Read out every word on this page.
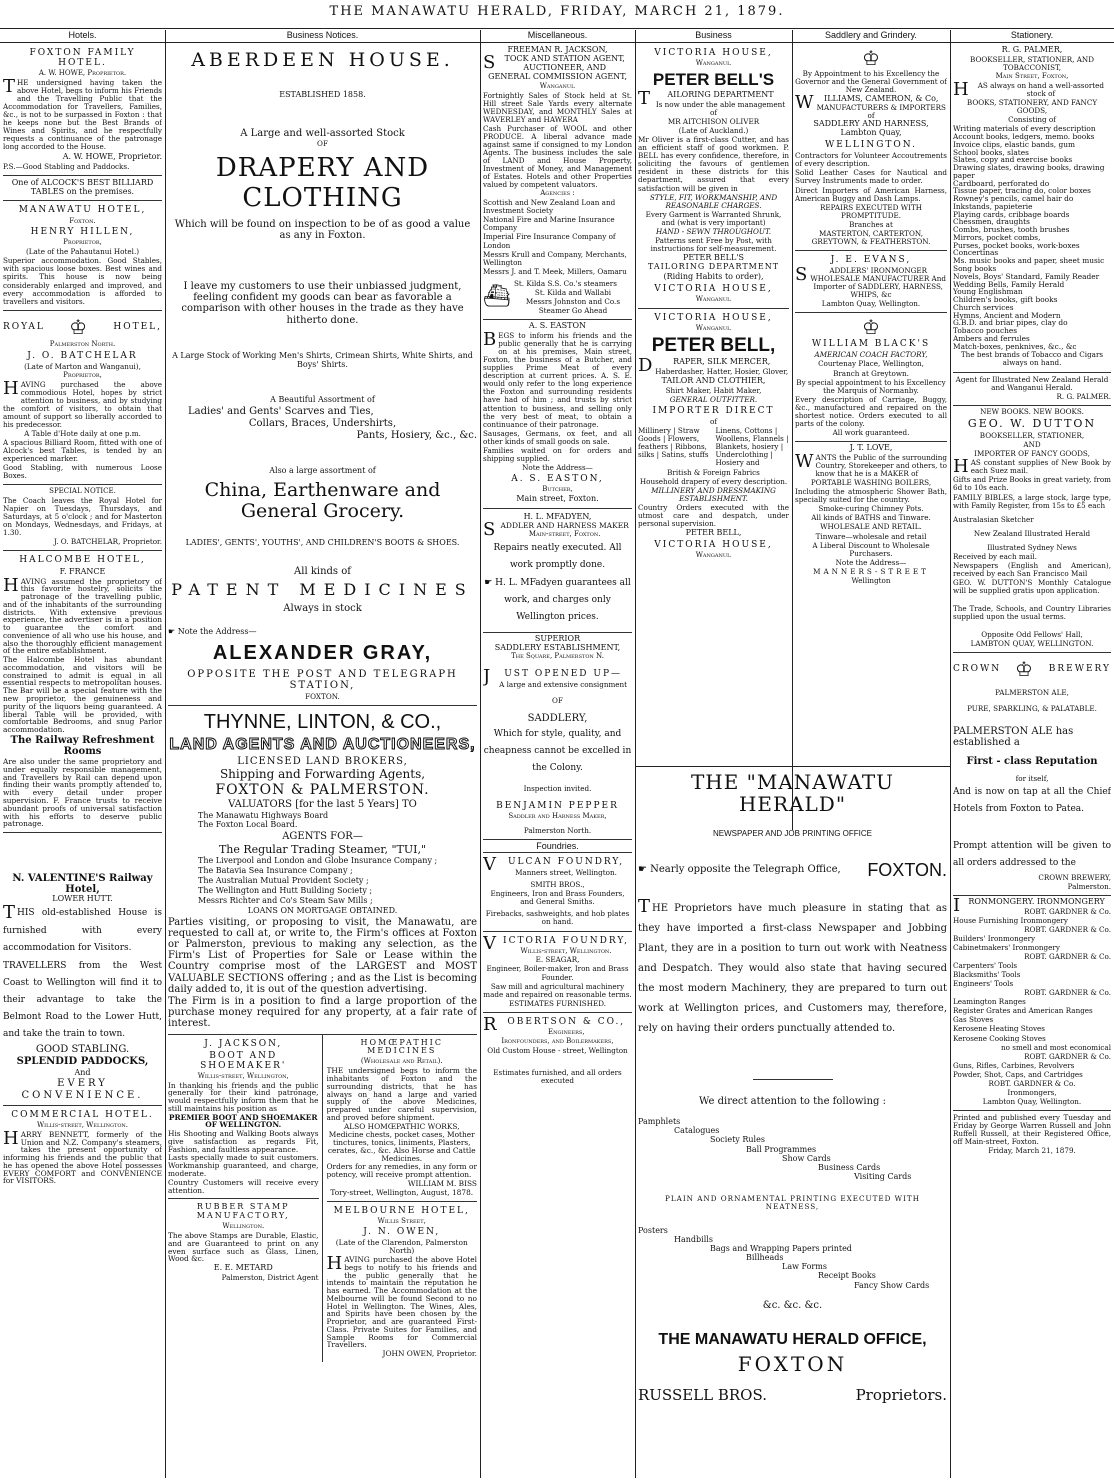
THE MANAWATU HERALD, FRIDAY, MARCH 21, 1879.
Hotels.	Business Notices.	Miscellaneous.	Business	Saddlery and Grindery.	Stationery.
FOXTON FAMILY HOTEL.
A. W. HOWE, Proprietor.

THE undersigned having taken the above Hotel, begs to inform his Friends and the Travelling Public that the Accommodation for Travellers, Families, &c., is not to be surpassed in Foxton : that he keeps none but the Best Brands of Wines and Spirits, and he respectfully requests a continuance of the patronage long accorded to the House.

A. W. HOWE, Proprietor.

P.S.—Good Stabling and Paddocks.

One of ALCOCK'S BEST BILLIARD TABLES on the premises.

MANAWATU HOTEL,
Foxton.
HENRY HILLEN,
Proprietor,

(Late of the Pahautanui Hotel.)

Superior accommodation. Good Stables, with spacious loose boxes. Best wines and spirits. This house is now being considerably enlarged and improved, and every accommodation is afforded to travellers and visitors.

ROYAL ♔	HOTEL,
Palmerston North.
J. O. BATCHELAR

(Late of Marton and Wanganui),

Proprietor,

HAVING purchased the above commodious Hotel, hopes by strict attention to business, and by studying the comfort of visitors, to obtain that amount of support so liberally accorded to his predecessor.

A Table d'Hote daily at one p.m.

A spacious Billiard Room, fitted with one of Alcock's best Tables, is tended by an experienced marker.

Good Stabling, with numerous Loose Boxes.

SPECIAL NOTICE.

The Coach leaves the Royal Hotel for Napier on Tuesdays, Thursdays, and Saturdays, at 5 o'clock ; and for Masterton on Mondays, Wednesdays, and Fridays, at 1.30.

J. O. BATCHELAR, Proprietor.

HALCOMBE HOTEL,
F. FRANCE

HAVING assumed the proprietory of this favorite hostelry, solicits the patronage of the travelling public, and of the inhabitants of the surrounding districts. With extensive previous experience, the advertiser is in a position to guarantee the comfort and convenience of all who use his house, and also the thoroughly efficient management of the entire establishment.

The Halcombe Hotel has abundant accommodation, and visitors will be constrained to admit is equal in all essential respects to metropolitan houses. The Bar will be a special feature with the new proprietor, the genuineness and purity of the liquors being guaranteed. A liberal Table will be provided, with comfortable Bedrooms, and snug Parlor accommodation.

The Railway Refreshment Rooms

Are also under the same proprietory and under equally responsible management, and Travellers by Rail can depend upon finding their wants promptly attended to, with every detail under proper supervision. F. France trusts to receive abundant proofs of universal satisfaction with his efforts to deserve public patronage.

N. VALENTINE'S Railway Hotel,
LOWER HUTT.

THIS old-established House is furnished with every accommodation for Visitors.

TRAVELLERS from the West Coast to Wellington will find it to their advantage to take the Belmont Road to the Lower Hutt, and take the train to town.

GOOD STABLING.

SPLENDID PADDOCKS,

And

EVERY CONVENIENCE.

COMMERCIAL HOTEL.
Willis-street, Wellington.

HARRY BENNETT, formerly of the Union and N.Z. Company's steamers, takes the present opportunity of informing his friends and the public that he has opened the above Hotel possesses EVERY COMFORT and CONVENIENCE for VISITORS.

ABERDEEN HOUSE.

ESTABLISHED 1858.

A Large and well-assorted Stock

OF

DRAPERY AND CLOTHING

Which will be found on inspection to be of as good a value as any in Foxton.

I leave my customers to use their unbiassed judgment, feeling confident my goods can bear as favorable a comparison with other houses in the trade as they have hitherto done.

A Large Stock of Working Men's Shirts, Crimean Shirts, White Shirts, and Boys' Shirts.

A Beautiful Assortment of

Ladies' and Gents' Scarves and Ties,

Collars, Braces, Undershirts,

Pants, Hosiery, &c., &c.

Also a large assortment of

China, Earthenware and General Grocery.

LADIES', GENTS', YOUTHS', AND CHILDREN'S BOOTS & SHOES.

All kinds of

PATENT MEDICINES

Always in stock

☛ Note the Address—

ALEXANDER GRAY,

OPPOSITE THE POST AND TELEGRAPH STATION,

FOXTON.

THYNNE, LINTON, & CO.,
LAND AGENTS AND AUCTIONEERS,

LICENSED LAND BROKERS,

Shipping and Forwarding Agents,

FOXTON & PALMERSTON.

VALUATORS [for the last 5 Years] TO

The Manawatu Highways Board

The Foxton Local Board.

AGENTS FOR—

The Regular Trading Steamer, "TUI,"

The Liverpool and London and Globe Insurance Company ;

The Batavia Sea Insurance Company ;

The Australian Mutual Provident Society ;

The Wellington and Hutt Building Society ;

Messrs Richter and Co's Steam Saw Mills ;

LOANS ON MORTGAGE OBTAINED.

Parties visiting, or proposing to visit, the Manawatu, are requested to call at, or write to, the Firm's offices at Foxton or Palmerston, previous to making any selection, as the Firm's List of Properties for Sale or Lease within the Country comprise most of the LARGEST and MOST VALUABLE SECTIONS offering ; and as the List is becoming daily added to, it is out of the question advertising.

The Firm is in a position to find a large proportion of the purchase money required for any property, at a fair rate of interest.

J. JACKSON,
BOOT AND SHOEMAKER'
Willis-street, Wellington,

In thanking his friends and the public generally for their kind patronage, would respectfully inform them that he still maintains his position as

PREMIER BOOT AND SHOEMAKER OF WELLINGTON.

His Shooting and Walking Boots always give satisfaction as regards Fit, Fashion, and faultless appearance.

Lasts specially made to suit customers. Workmanship guaranteed, and charge, moderate.

Country Customers will receive every attention.

RUBBER STAMP MANUFACTORY,
Wellington.

The above Stamps are Durable, Elastic, and are Guaranteed to print on any even surface such as Glass, Linen, Wood &c.

E. E. METARD

Palmerston, District Agent

HOMŒPATHIC MEDICINES
(Wholesale and Retail).

THE undersigned begs to inform the inhabitants of Foxton and the surrounding districts, that he has always on hand a large and varied supply of the above Medicines, prepared under careful supervision, and proved before shipment.

ALSO HOMŒPATHIC WORKS,

Medicine chests, pocket cases, Mother tinctures, tonics, liniments, Plasters, cerates, &c., &c. Also Horse and Cattle Medicines.

Orders for any remedies, in any form or potency, will receive prompt attention.

WILLIAM M. BISS

Tory-street, Wellington, August, 1878.

MELBOURNE HOTEL,
Willis Street,
J. N. OWEN,

(Late of the Clarendon, Palmerston North)

HAVING purchased the above Hotel begs to notify to his friends and the public generally that he intends to maintain the reputation he has earned. The Accommodation at the Melbourne will be found Second to no Hotel in Wellington. The Wines, Ales, and Spirits have been chosen by the Proprietor, and are guaranteed First-Class. Private Suites for Families, and Sample Rooms for Commercial Travellers.

JOHN OWEN, Proprietor.

FREEMAN R. JACKSON,
STOCK AND STATION AGENT,
AUCTIONEER, AND
GENERAL COMMISSION AGENT,
Wanganui.

Fortnightly Sales of Stock held at St. Hill street Sale Yards every alternate WEDNESDAY, and MONTHLY Sales at WAVERLEY and HAWERA

Cash Purchaser of WOOL and other PRODUCE. A liberal advance made against same if consigned to my London Agents. The business includes the sale of LAND and House Property, Investment of Money, and Management of Estates. Hotels and other Properties valued by competent valuators.

Agencies :

Scottish and New Zealand Loan and Investment Society

National Fire and Marine Insurance Company

Imperial Fire Insurance Company of London

Messrs Krull and Company, Merchants, Wellington

Messrs J. and T. Meek, Millers, Oamaru

⛴

St. Kilda S.S. Co.'s steamers

St. Kilda and Wallabi

Messrs Johnston and Co.s

Steamer Go Ahead

A. S. EASTON

BEGS to inform his friends and the public generally that he is carrying on at his premises, Main street, Foxton, the business of a Butcher, and supplies Prime Meat of every description at current prices. A. S. E. would only refer to the long experience the Foxton and surrounding residents have had of him ; and trusts by strict attention to business, and selling only the very best of meat, to obtain a continuance of their patronage.

Sausages, Germans, ox feet, and all other kinds of small goods on sale.

Families waited on for orders and shipping supplied.

Note the Address—

A. S. EASTON,
Butcher,

Main street, Foxton.

H. L. MFADYEN,
SADDLER AND HARNESS MAKER
Main-street, Foxton.

Repairs neatly executed. All work promptly done.

☛ H. L. MFadyen guarantees all work, and charges only Wellington prices.

SUPERIOR
SADDLERY ESTABLISHMENT,
The Square, Palmerston N.
JUST OPENED UP—

A large and extensive consignment

OF

SADDLERY,

Which for style, quality, and cheapness cannot be excelled in the Colony.

Inspection invited.

BENJAMIN PEPPER
Saddler and Harness Maker,

Palmerston North.

Foundries.
VULCAN FOUNDRY,

Manners street, Wellington.

SMITH BROS.,

Engineers, Iron and Brass Founders, and General Smiths.

Firebacks, sashweights, and hob plates on hand.

VICTORIA FOUNDRY,
Willis-street, Wellington.
E. SEAGAR,

Engineer, Boiler-maker, Iron and Brass Founder.

Saw mill and agricultural machinery made and repaired on reasonable terms.

ESTIMATES FURNISHED.

ROBERTSON & CO.,
Engineers,
Ironfounders, and Boilermakers,

Old Custom House - street, Wellington

Estimates furnished, and all orders executed

VICTORIA HOUSE,
Wanganui.
PETER BELL'S
TAILORING DEPARTMENT

Is now under the able management of

MR AITCHISON OLIVER

(Late of Auckland.)

Mr Oliver is a first-class Cutter, and has an efficient staff of good workmen. P. BELL has every confidence, therefore, in soliciting the favours of gentlemen resident in these districts for this department, assured that every satisfaction will be given in

STYLE, FIT, WORKMANSHIP, AND REASONABLE CHARGES.

Every Garment is Warranted Shrunk, and (what is very important)

HAND - SEWN THROUGHOUT.

Patterns sent Free by Post, with instructions for self-measurement.

PETER BELL'S
TAILORING DEPARTMENT

(Riding Habits to order),

VICTORIA HOUSE,
Wanganui.
VICTORIA HOUSE,
Wanganui.
PETER BELL,
DRAPER, SILK MERCER,

Haberdasher, Hatter, Hosier, Glover,

TAILOR AND CLOTHIER,

Shirt Maker, Habit Maker,

GENERAL OUTFITTER.

IMPORTER DIRECT

of

Millinery | Straw Goods | Flowers, feathers | Ribbons, silks | Satins, stuffs
Linens, Cottons | Woollens, Flannels | Blankets, hosiery | Underclothing | Hosiery and

British & Foreign Fabrics

Household drapery of every description.

MILLINERY AND DRESSMAKING ESTABLISHMENT.

Country Orders executed with the utmost care and despatch, under personal supervision.

PETER BELL,
VICTORIA HOUSE,
Wanganui.
♔

By Appointment to his Excellency the Governor and the General Government of New Zealand.

WILLIAMS, CAMERON, & Co,
MANUFACTURERS & IMPORTERS
of
SADDLERY AND HARNESS,
Lambton Quay,
WELLINGTON.

Contractors for Volunteer Accoutrements of every description.

Solid Leather Cases for Nautical and Survey Instruments made to order.

Direct Importers of American Harness, American Buggy and Dash Lamps.

REPAIRS EXECUTED WITH PROMPTITUDE.

Branches at

MASTERTON, CARTERTON, GREYTOWN, & FEATHERSTON.

J. E. EVANS,

SADDLERS' IRONMONGER WHOLESALE MANUFACTURER And Importer of SADDLERY, HARNESS, WHIPS, &c

Lambton Quay, Wellington.

♔
WILLIAM BLACK'S

AMERICAN COACH FACTORY,

Courtenay Place, Wellington,

Branch at Greytown.

By special appointment to his Excellency the Marquis of Normanby.

Every description of Carriage, Buggy, &c., manufactured and repaired on the shortest notice. Orders executed to all parts of the colony.

All work guaranteed.

J. T. LOVE,

WANTS the Public of the surrounding Country, Storekeeper and others, to know that he is a MAKER of

PORTABLE WASHING BOILERS,

Including the atmospheric Shower Bath, specially suited for the country.

Smoke-curing Chimney Pots.

All kinds of BATHS and Tinware.

WHOLESALE AND RETAIL.

Tinware—wholesale and retail

A Liberal Discount to Wholesale Purchasers.

Note the Address—

MANNERS-STREET

Wellington

THE "MANAWATU HERALD"

NEWSPAPER AND JOB PRINTING OFFICE

☛ Nearly opposite the Telegraph Office, FOXTON.

THE Proprietors have much pleasure in stating that as they have imported a first-class Newspaper and Jobbing Plant, they are in a position to turn out work with Neatness and Despatch. They would also state that having secured the most modern Machinery, they are prepared to turn out work at Wellington prices, and Customers may, therefore, rely on having their orders punctually attended to.

We direct attention to the following :

Pamphlets
Catalogues
Society Rules
Ball Programmes
Show Cards
Business Cards
Visiting Cards

PLAIN AND ORNAMENTAL PRINTING EXECUTED WITH NEATNESS,

Posters
Handbills
Bags and Wrapping Papers printed
Billheads
Law Forms
Receipt Books
Fancy Show Cards

&c. &c. &c.

THE MANAWATU HERALD OFFICE,
FOXTON
RUSSELL BROS.	Proprietors.
R. G. PALMER,

BOOKSELLER, STATIONER, AND TOBACCONIST,

Main Street, Foxton,

HAS always on hand a well-assorted stock of

BOOKS, STATIONERY, AND FANCY GOODS,

Consisting of

Writing materials of every description

Account books, ledgers, memo. books

Invoice clips, elastic bands, gum

School books, slates

Slates, copy and exercise books

Drawing slates, drawing books, drawing paper

Cardboard, perforated do

Tissue paper, tracing do, color boxes

Rowney's pencils, camel hair do

Inkstands, papieterie

Playing cards, cribbage boards

Chessmen, draughts

Combs, brushes, tooth brushes

Mirrors, pocket combs,

Purses, pocket books, work-boxes

Concertinas

Ms. music books and paper, sheet music

Song books

Novels, Boys' Standard, Family Reader

Wedding Bells, Family Herald

Young Englishman

Children's books, gift books

Church services

Hymns, Ancient and Modern

G.B.D. and briar pipes, clay do

Tobacco pouches

Ambers and ferrules

Match-boxes, penknives, &c., &c

The best brands of Tobacco and Cigars always on hand.

Agent for Illustrated New Zealand Herald and Wanganui Herald.

R. G. PALMER.

NEW BOOKS. NEW BOOKS.
GEO. W. DUTTON

BOOKSELLER, STATIONER,

AND

IMPORTER OF FANCY GOODS,

HAS constant supplies of New Book by each Suez mail.

Gifts and Prize Books in great variety, from 6d to 10s each.

FAMILY BIBLES, a large stock, large type, with Family Register, from 15s to £5 each

Australasian Sketcher

New Zealand Illustrated Herald

Illustrated Sydney News

Received by each mail.

Newspapers (English and American), received by each San Francisco Mail

GEO. W. DUTTON'S Monthly Catalogue will be supplied gratis upon application.

The Trade, Schools, and Country Libraries supplied upon the usual terms.

Opposite Odd Fellows' Hall,

LAMBTON QUAY, WELLINGTON.

CROWN ♔ BREWERY

PALMERSTON ALE,

PURE, SPARKLING, & PALATABLE.

PALMERSTON ALE has established a

First - class Reputation

for itself,

And is now on tap at all the Chief Hotels from Foxton to Patea.

Prompt attention will be given to all orders addressed to the

CROWN BREWERY,

Palmerston.

IRONMONGERY. IRONMONGERY

ROBT. GARDNER & Co.

House Furnishing Ironmongery

ROBT. GARDNER & Co.

Builders' Ironmongery

Cabinetmakers' Ironmongery

ROBT. GARDNER & Co.

Carpenters' Tools

Blacksmiths' Tools

Engineers' Tools

ROBT. GARDNER & Co.

Leamington Ranges

Register Grates and American Ranges

Gas Stoves

Kerosene Heating Stoves

Kerosene Cooking Stoves

no smell and most economical

ROBT. GARDNER & Co.

Guns, Rifles, Carbines, Revolvers

Powder, Shot, Caps, and Cartridges

ROBT. GARDNER & Co.

Ironmongers,

Lambton Quay, Wellington.

Printed and published every Tuesday and Friday by George Warren Russell and John Ruffell Russell, at their Registered Office, off Main-street, Foxton.

Friday, March 21, 1879.
